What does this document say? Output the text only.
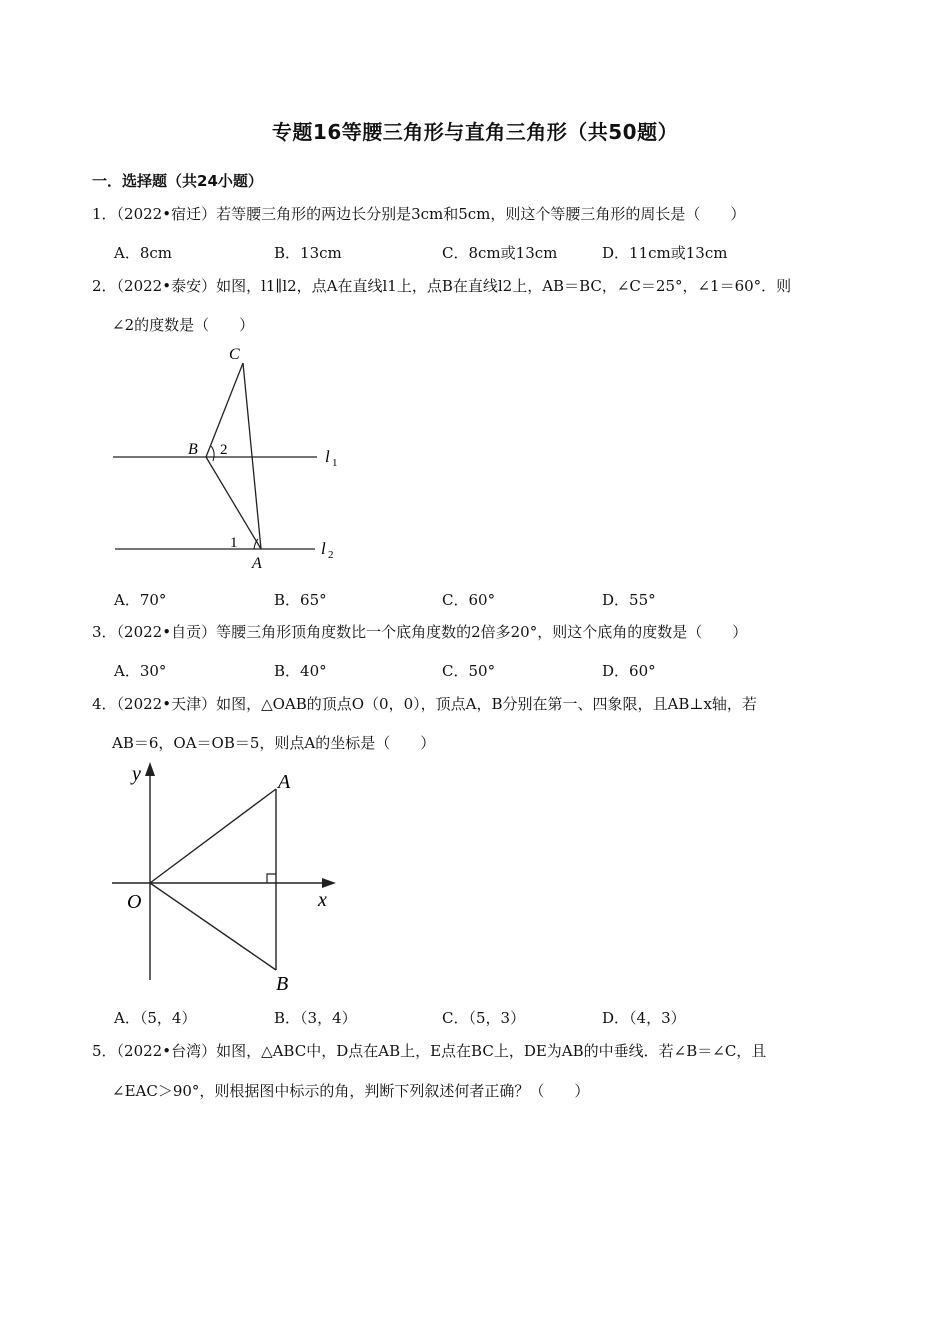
专题16等腰三角形与直角三角形（共50题）
一．选择题（共24小题）
1．（2022•宿迁）若等腰三角形的两边长分别是3cm和5cm，则这个等腰三角形的周长是（　　）
A．8cm	B．13cm	C．8cm或13cm	D．11cm或13cm
2．（2022•泰安）如图，l1∥l2，点A在直线l1上，点B在直线l2上，AB＝BC，∠C＝25°，∠1＝60°．则
∠2的度数是（　　）
C
B 2
1
A
l 1
l 2
A．70°	B．65°	C．60°	D．55°
3．（2022•自贡）等腰三角形顶角度数比一个底角度数的2倍多20°，则这个底角的度数是（　　）
A．30°	B．40°	C．50°	D．60°
4．（2022•天津）如图，△OAB的顶点O（0，0），顶点A，B分别在第一、四象限，且AB⊥x轴，若
AB＝6，OA＝OB＝5，则点A的坐标是（　　）
y
x
O
A
B
A．（5，4）	B．（3，4）	C．（5，3）	D．（4，3）
5．（2022•台湾）如图，△ABC中，D点在AB上，E点在BC上，DE为AB的中垂线．若∠B＝∠C，且
∠EAC＞90°，则根据图中标示的角，判断下列叙述何者正确？（　　）
